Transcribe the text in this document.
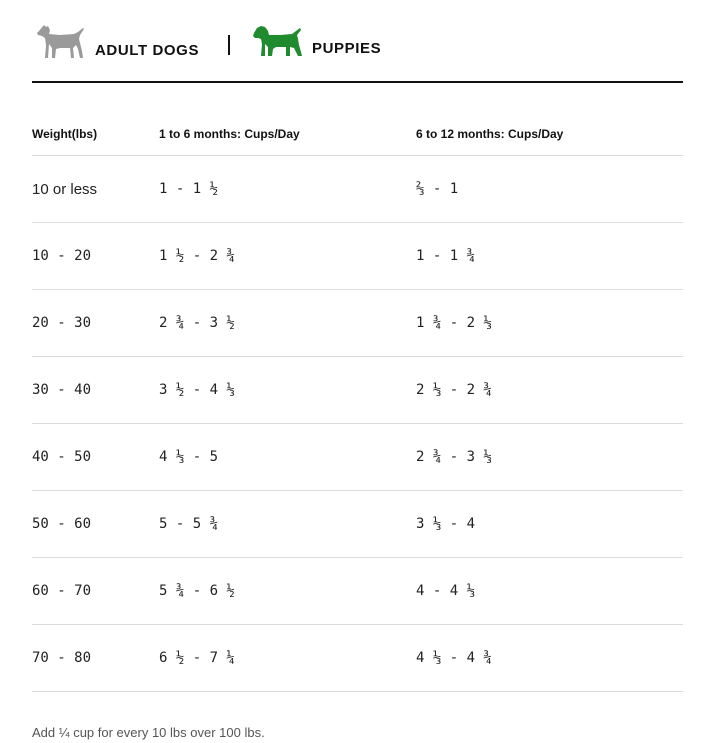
ADULT DOGS	PUPPIES
Weight(lbs)	1 to 6 months: Cups/Day	6 to 12 months: Cups/Day
10 or less	1 - 1 ½	⅔ - 1
10 - 20	1 ½ - 2 ¾	1 - 1 ¾
20 - 30	2 ¾ - 3 ½	1 ¾ - 2 ⅓
30 - 40	3 ½ - 4 ⅓	2 ⅓ - 2 ¾
40 - 50	4 ⅓ - 5	2 ¾ - 3 ⅓
50 - 60	5 - 5 ¾	3 ⅓ - 4
60 - 70	5 ¾ - 6 ½	4 - 4 ⅓
70 - 80	6 ½ - 7 ¼	4 ⅓ - 4 ¾
Add ¼ cup for every 10 lbs over 100 lbs.
